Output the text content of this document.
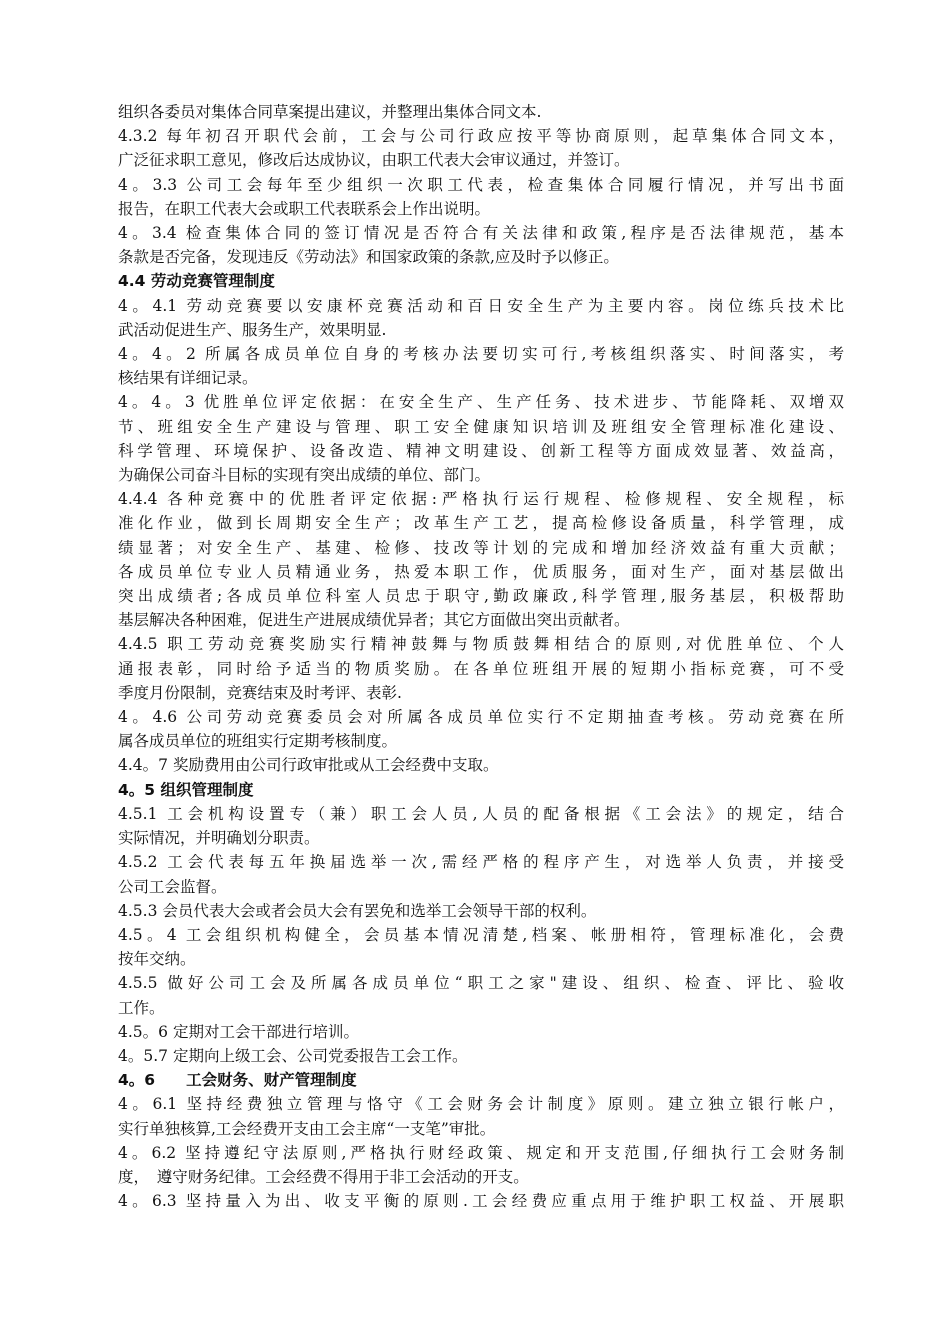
组织各委员对集体合同草案提出建议，并整理出集体合同文本.
4.3.2 每年初召开职代会前，工会与公司行政应按平等协商原则，起草集体合同文本，
广泛征求职工意见，修改后达成协议，由职工代表大会审议通过，并签订。
4。3.3 公司工会每年至少组织一次职工代表，检查集体合同履行情况，并写出书面
报告，在职工代表大会或职工代表联系会上作出说明。
4。3.4 检查集体合同的签订情况是否符合有关法律和政策,程序是否法律规范，基本
条款是否完备，发现违反《劳动法》和国家政策的条款,应及时予以修正。
4.4 劳动竞赛管理制度
4。4.1 劳动竞赛要以安康杯竞赛活动和百日安全生产为主要内容。岗位练兵技术比
武活动促进生产、服务生产，效果明显.
4。4。2 所属各成员单位自身的考核办法要切实可行,考核组织落实、时间落实，考
核结果有详细记录。
4。4。3 优胜单位评定依据：在安全生产、生产任务、技术进步、节能降耗、双增双
节、班组安全生产建设与管理、职工安全健康知识培训及班组安全管理标准化建设、
科学管理、环境保护、设备改造、精神文明建设、创新工程等方面成效显著、效益高，
为确保公司奋斗目标的实现有突出成绩的单位、部门。
4.4.4 各种竞赛中的优胜者评定依据:严格执行运行规程、检修规程、安全规程，标
准化作业，做到长周期安全生产；改革生产工艺，提高检修设备质量，科学管理，成
绩显著；对安全生产、基建、检修、技改等计划的完成和增加经济效益有重大贡献；
各成员单位专业人员精通业务，热爱本职工作，优质服务，面对生产，面对基层做出
突出成绩者;各成员单位科室人员忠于职守,勤政廉政,科学管理,服务基层，积极帮助
基层解决各种困难，促进生产进展成绩优异者；其它方面做出突出贡献者。
4.4.5 职工劳动竞赛奖励实行精神鼓舞与物质鼓舞相结合的原则,对优胜单位、个人
通报表彰，同时给予适当的物质奖励。在各单位班组开展的短期小指标竞赛，可不受
季度月份限制，竞赛结束及时考评、表彰.
4。4.6 公司劳动竞赛委员会对所属各成员单位实行不定期抽查考核。劳动竞赛在所
属各成员单位的班组实行定期考核制度。
4.4。7 奖励费用由公司行政审批或从工会经费中支取。
4。5 组织管理制度
4.5.1 工会机构设置专（兼）职工会人员,人员的配备根据《工会法》的规定，结合
实际情况，并明确划分职责。
4.5.2 工会代表每五年换届选举一次,需经严格的程序产生，对选举人负责，并接受
公司工会监督。
4.5.3 会员代表大会或者会员大会有罢免和选举工会领导干部的权利。
4.5。4 工会组织机构健全，会员基本情况清楚,档案、帐册相符，管理标准化，会费
按年交纳。
4.5.5 做好公司工会及所属各成员单位“职工之家"建设、组织、检查、评比、验收
工作。
4.5。6 定期对工会干部进行培训。
4。5.7 定期向上级工会、公司党委报告工会工作。
4。6　　工会财务、财产管理制度
4。6.1 坚持经费独立管理与恪守《工会财务会计制度》原则。建立独立银行帐户，
实行单独核算,工会经费开支由工会主席“一支笔”审批。
4。6.2 坚持遵纪守法原则,严格执行财经政策、规定和开支范围,仔细执行工会财务制
度，　遵守财务纪律。工会经费不得用于非工会活动的开支。
4。6.3 坚持量入为出、收支平衡的原则.工会经费应重点用于维护职工权益、开展职
